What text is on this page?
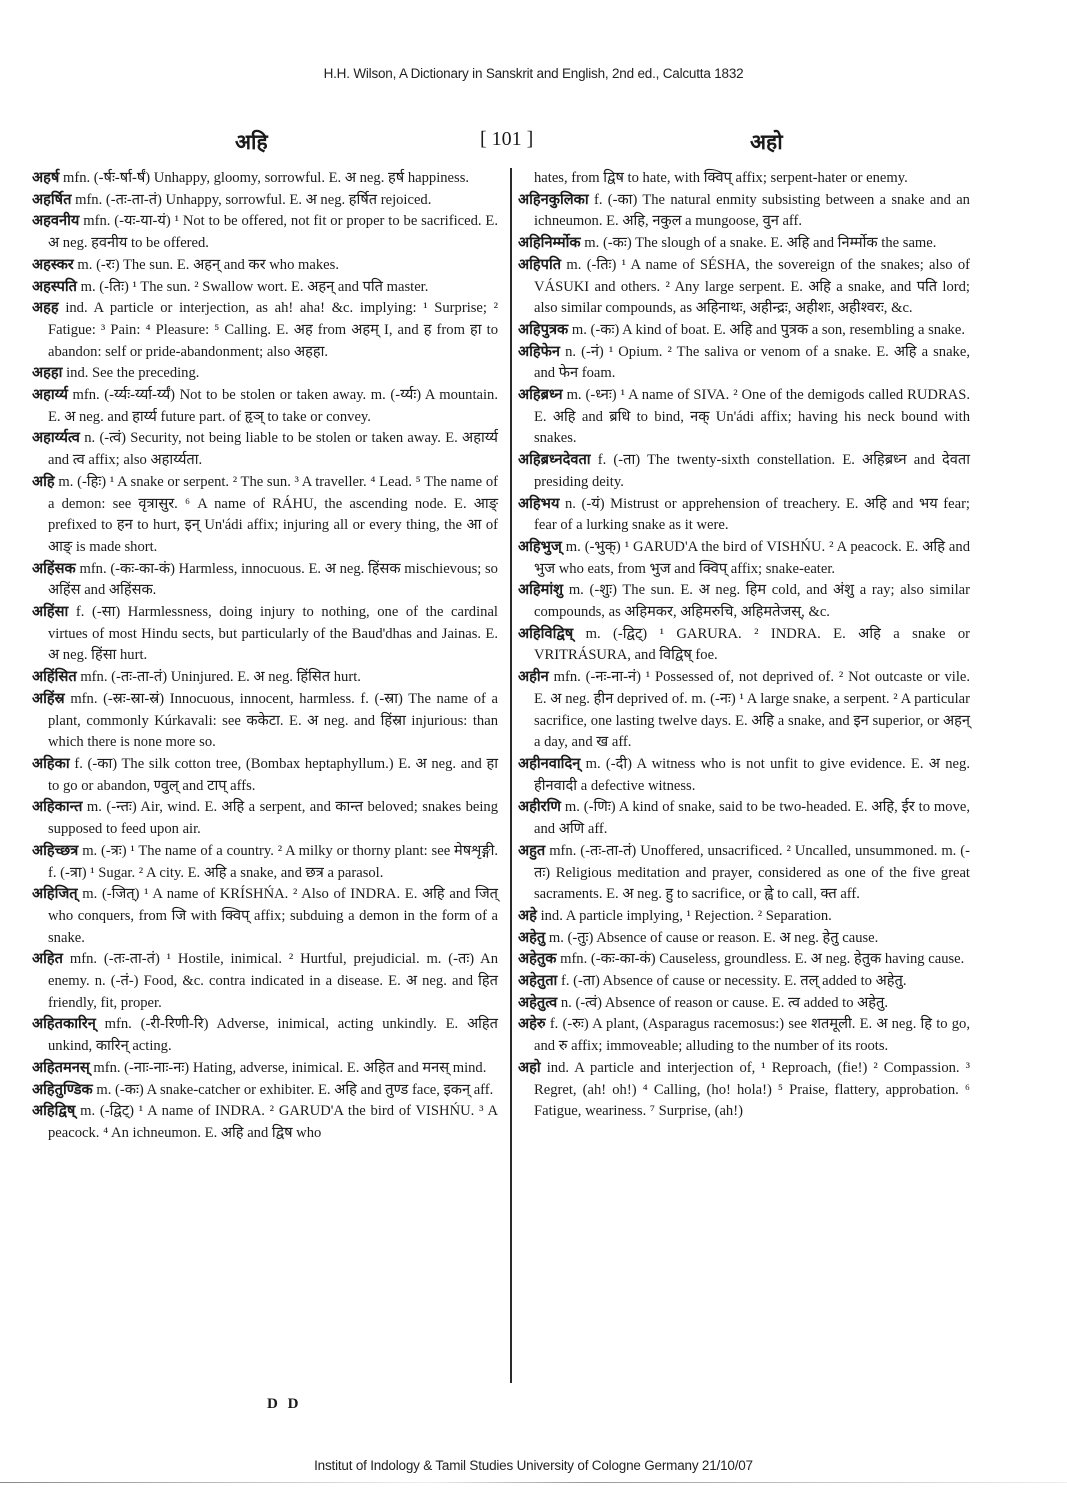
H.H. Wilson, A Dictionary in Sanskrit and English, 2nd ed., Calcutta 1832
अहि	[ 101 ]	अहो

अहर्ष mfn. (-र्षः-र्षा-र्षं) Unhappy, gloomy, sorrowful. E. अ neg. हर्ष happiness.

अहर्षित mfn. (-तः-ता-तं) Unhappy, sorrowful. E. अ neg. हर्षित rejoiced.

अहवनीय mfn. (-यः-या-यं) ¹ Not to be offered, not fit or proper to be sacrificed. E. अ neg. हवनीय to be offered.

अहस्कर m. (-रः) The sun. E. अहन् and कर who makes.

अहस्पति m. (-तिः) ¹ The sun. ² Swallow wort. E. अहन् and पति master.

अहह ind. A particle or interjection, as ah! aha! &c. implying: ¹ Surprise; ² Fatigue: ³ Pain: ⁴ Pleasure: ⁵ Calling. E. अह from अहम् I, and ह from हा to abandon: self or pride-abandonment; also अहहा.

अहहा ind. See the preceding.

अहार्य्य mfn. (-र्य्यः-र्य्या-र्य्यं) Not to be stolen or taken away. m. (-र्य्यः) A mountain. E. अ neg. and हार्य्य future part. of हृञ् to take or convey.

अहार्य्यत्व n. (-त्वं) Security, not being liable to be stolen or taken away. E. अहार्य्य and त्व affix; also अहार्य्यता.

अहि m. (-हिः) ¹ A snake or serpent. ² The sun. ³ A traveller. ⁴ Lead. ⁵ The name of a demon: see वृत्रासुर. ⁶ A name of RÁHU, the ascending node. E. आङ् prefixed to हन to hurt, इन् Un'ádi affix; injuring all or every thing, the आ of आङ् is made short.

अहिंसक mfn. (-कः-का-कं) Harmless, innocuous. E. अ neg. हिंसक mischievous; so अहिंस and अहिंसक.

अहिंसा f. (-सा) Harmlessness, doing injury to nothing, one of the cardinal virtues of most Hindu sects, but particularly of the Baud'dhas and Jainas. E. अ neg. हिंसा hurt.

अहिंसित mfn. (-तः-ता-तं) Uninjured. E. अ neg. हिंसित hurt.

अहिंस्र mfn. (-स्रः-स्रा-स्रं) Innocuous, innocent, harmless. f. (-स्रा) The name of a plant, commonly Kúrkavali: see ककेटा. E. अ neg. and हिंस्रा injurious: than which there is none more so.

अहिका f. (-का) The silk cotton tree, (Bombax heptaphyllum.) E. अ neg. and हा to go or abandon, ण्वुल् and टाप् affs.

अहिकान्त m. (-न्तः) Air, wind. E. अहि a serpent, and कान्त beloved; snakes being supposed to feed upon air.

अहिच्छत्र m. (-त्रः) ¹ The name of a country. ² A milky or thorny plant: see मेषशृङ्गी. f. (-त्रा) ¹ Sugar. ² A city. E. अहि a snake, and छत्र a parasol.

अहिजित् m. (-जित्) ¹ A name of KRÍSHŃA. ² Also of INDRA. E. अहि and जित् who conquers, from जि with क्विप् affix; subduing a demon in the form of a snake.

अहित mfn. (-तः-ता-तं) ¹ Hostile, inimical. ² Hurtful, prejudicial. m. (-तः) An enemy. n. (-तं-) Food, &c. contra indicated in a disease. E. अ neg. and हित friendly, fit, proper.

अहितकारिन् mfn. (-री-रिणी-रि) Adverse, inimical, acting unkindly. E. अहित unkind, कारिन् acting.

अहितमनस् mfn. (-नाः-नाः-नः) Hating, adverse, inimical. E. अहित and मनस् mind.

अहितुण्डिक m. (-कः) A snake-catcher or exhibiter. E. अहि and तुण्ड face, इकन् aff.

अहिद्विष् m. (-द्विट्) ¹ A name of INDRA. ² GARUD'A the bird of VISHŃU. ³ A peacock. ⁴ An ichneumon. E. अहि and द्विष who

hates, from द्विष to hate, with क्विप् affix; serpent-hater or enemy.

अहिनकुलिका f. (-का) The natural enmity subsisting between a snake and an ichneumon. E. अहि, नकुल a mungoose, वुन aff.

अहिनिर्म्मोक m. (-कः) The slough of a snake. E. अहि and निर्म्मोक the same.

अहिपति m. (-तिः) ¹ A name of SÉSHA, the sovereign of the snakes; also of VÁSUKI and others. ² Any large serpent. E. अहि a snake, and पति lord; also similar compounds, as अहिनाथः, अहीन्द्रः, अहीशः, अहीश्वरः, &c.

अहिपुत्रक m. (-कः) A kind of boat. E. अहि and पुत्रक a son, resembling a snake.

अहिफेन n. (-नं) ¹ Opium. ² The saliva or venom of a snake. E. अहि a snake, and फेन foam.

अहिब्रध्न m. (-ध्नः) ¹ A name of SIVA. ² One of the demigods called RUDRAS. E. अहि and ब्रधि to bind, नक् Un'ádi affix; having his neck bound with snakes.

अहिब्रध्नदेवता f. (-ता) The twenty-sixth constellation. E. अहिब्रध्न and देवता presiding deity.

अहिभय n. (-यं) Mistrust or apprehension of treachery. E. अहि and भय fear; fear of a lurking snake as it were.

अहिभुज् m. (-भुक्) ¹ GARUD'A the bird of VISHŃU. ² A peacock. E. अहि and भुज who eats, from भुज and क्विप् affix; snake-eater.

अहिमांशु m. (-शुः) The sun. E. अ neg. हिम cold, and अंशु a ray; also similar compounds, as अहिमकर, अहिमरुचि, अहिमतेजस्, &c.

अहिविद्विष् m. (-द्विट्) ¹ GARURA. ² INDRA. E. अहि a snake or VRITRÁSURA, and विद्विष् foe.

अहीन mfn. (-नः-ना-नं) ¹ Possessed of, not deprived of. ² Not outcaste or vile. E. अ neg. हीन deprived of. m. (-नः) ¹ A large snake, a serpent. ² A particular sacrifice, one lasting twelve days. E. अहि a snake, and इन superior, or अहन् a day, and ख aff.

अहीनवादिन् m. (-दी) A witness who is not unfit to give evidence. E. अ neg. हीनवादी a defective witness.

अहीरणि m. (-णिः) A kind of snake, said to be two-headed. E. अहि, ईर to move, and अणि aff.

अहुत mfn. (-तः-ता-तं) Unoffered, unsacrificed. ² Uncalled, unsummoned. m. (-तः) Religious meditation and prayer, considered as one of the five great sacraments. E. अ neg. हु to sacrifice, or ह्वे to call, क्त aff.

अहे ind. A particle implying, ¹ Rejection. ² Separation.

अहेतु m. (-तुः) Absence of cause or reason. E. अ neg. हेतु cause.

अहेतुक mfn. (-कः-का-कं) Causeless, groundless. E. अ neg. हेतुक having cause.

अहेतुता f. (-ता) Absence of cause or necessity. E. तल् added to अहेतु.

अहेतुत्व n. (-त्वं) Absence of reason or cause. E. त्व added to अहेतु.

अहेरु f. (-रुः) A plant, (Asparagus racemosus:) see शतमूली. E. अ neg. हि to go, and रु affix; immoveable; alluding to the number of its roots.

अहो ind. A particle and interjection of, ¹ Reproach, (fie!) ² Compassion. ³ Regret, (ah! oh!) ⁴ Calling, (ho! hola!) ⁵ Praise, flattery, approbation. ⁶ Fatigue, weariness. ⁷ Surprise, (ah!)

D D
Institut of Indology & Tamil Studies University of Cologne Germany 21/10/07
